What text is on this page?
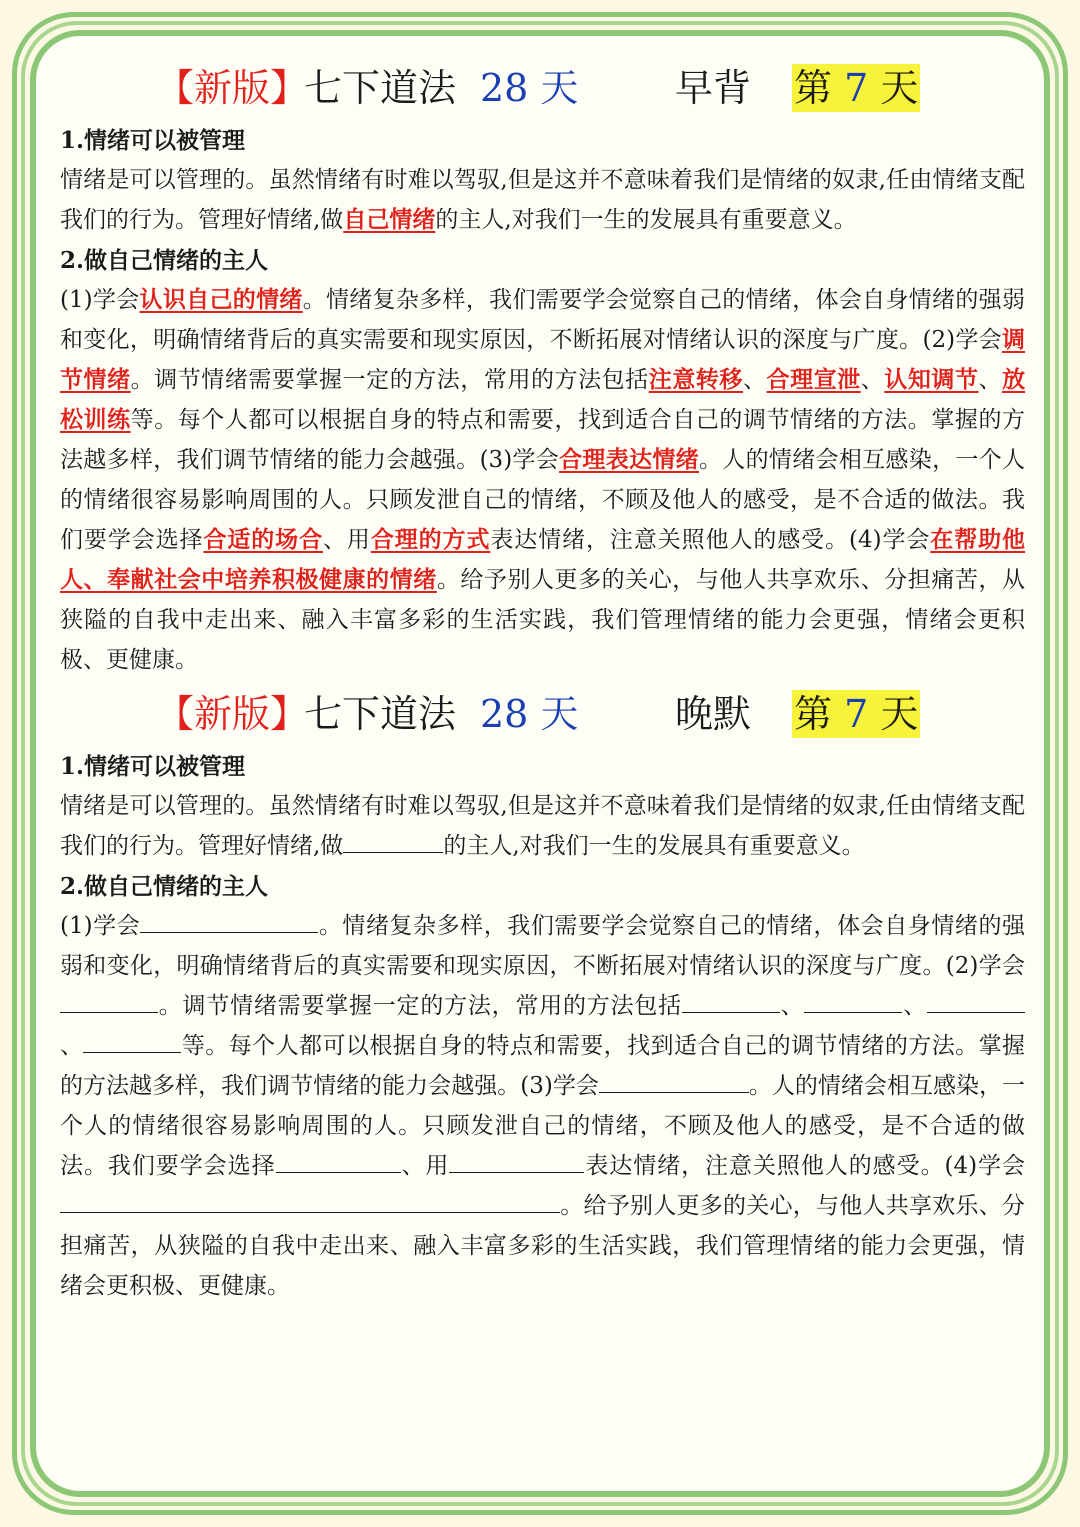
【新版】
七下道法 28 天	早背 第 7 天
1.情绪可以被管理
情绪是可以管理的。虽然情绪有时难以驾驭,但是这并不意味着我们是情绪的奴隶,任由情绪支配我们的行为。管理好情绪,做自己情绪的主人,对我们一生的发展具有重要意义。
2.做自己情绪的主人
(1)学会认识自己的情绪。情绪复杂多样，我们需要学会觉察自己的情绪，体会自身情绪的强弱和变化，明确情绪背后的真实需要和现实原因，不断拓展对情绪认识的深度与广度。(2)学会调节情绪。调节情绪需要掌握一定的方法，常用的方法包括注意转移、合理宣泄、认知调节、放松训练等。每个人都可以根据自身的特点和需要，找到适合自己的调节情绪的方法。掌握的方法越多样，我们调节情绪的能力会越强。(3)学会合理表达情绪。人的情绪会相互感染，一个人的情绪很容易影响周围的人。只顾发泄自己的情绪，不顾及他人的感受，是不合适的做法。我们要学会选择合适的场合、用合理的方式表达情绪，注意关照他人的感受。(4)学会在帮助他人、奉献社会中培养积极健康的情绪。给予别人更多的关心，与他人共享欢乐、分担痛苦，从狭隘的自我中走出来、融入丰富多彩的生活实践，我们管理情绪的能力会更强，情绪会更积极、更健康。
【新版】
七下道法 28 天	晚默 第 7 天
1.情绪可以被管理
情绪是可以管理的。虽然情绪有时难以驾驭,但是这并不意味着我们是情绪的奴隶,任由情绪支配我们的行为。管理好情绪,做	的主人,对我们一生的发展具有重要意义。
2.做自己情绪的主人
(1)学会	。情绪复杂多样，我们需要学会觉察自己的情绪，体会自身情绪的强弱和变化，明确情绪背后的真实需要和现实原因，不断拓展对情绪认识的深度与广度。(2)学会。调节情绪需要掌握一定的方法，常用的方法包括	、	、、	等。每个人都可以根据自身的特点和需要，找到适合自己的调节情绪的方法。掌握的方法越多样，我们调节情绪的能力会越强。(3)学会	。人的情绪会相互感染，一个人的情绪很容易影响周围的人。只顾发泄自己的情绪，不顾及他人的感受，是不合适的做法。我们要学会选择	、用	表达情绪，注意关照他人的感受。(4)学会。给予别人更多的关心，与他人共享欢乐、分担痛苦，从狭隘的自我中走出来、融入丰富多彩的生活实践，我们管理情绪的能力会更强，情绪会更积极、更健康。
